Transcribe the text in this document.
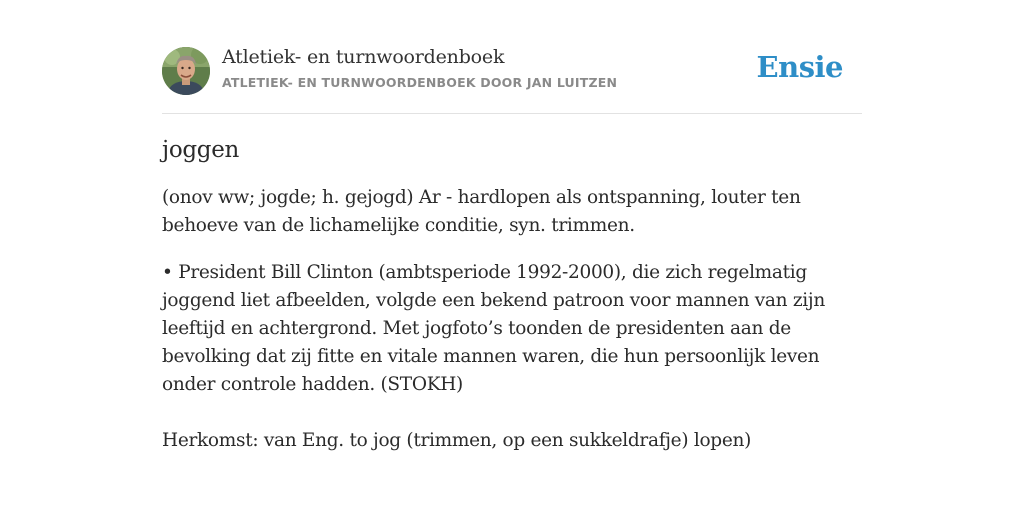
Atletiek- en turnwoordenboek
ATLETIEK- EN TURNWOORDENBOEK DOOR JAN LUITZEN	Ensie
joggen

(onov ww; jogde; h. gejogd) Ar - hardlopen als ontspanning, louter ten behoeve van de lichamelijke conditie, syn. trimmen.

• President Bill Clinton (ambtsperiode 1992-2000), die zich regelmatig joggend liet afbeelden, volgde een bekend patroon voor mannen van zijn leeftijd en achtergrond. Met jogfoto’s toonden de presidenten aan de bevolking dat zij fitte en vitale mannen waren, die hun persoonlijk leven onder controle hadden. (STOKH)

Herkomst: van Eng. to jog (trimmen, op een sukkeldrafje) lopen)
